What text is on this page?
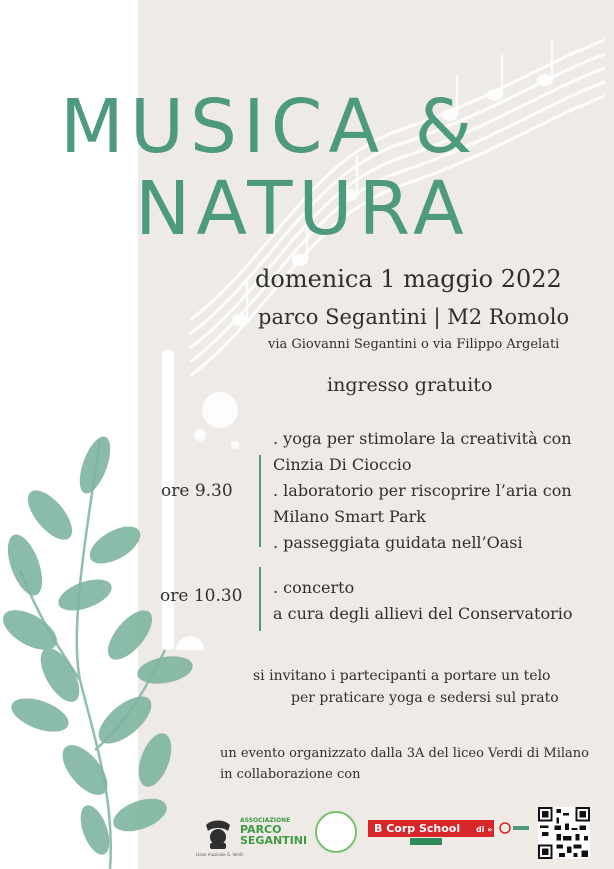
MUSICA &
NATURA
domenica 1 maggio 2022
parco Segantini | M2 Romolo
via Giovanni Segantini o via Filippo Argelati
ingresso gratuito
ore 9.30
. yoga per stimolare la creatività con
Cinzia Di Cioccio
. laboratorio per riscoprire l’aria con
Milano Smart Park
. passeggiata guidata nell’Oasi
ore 10.30 . concerto
a cura degli allievi del Conservatorio
si invitano i partecipanti a portare un telo
per praticare yoga e sedersi sul prato
un evento organizzato dalla 3A del liceo Verdi di Milano
in collaborazione con
Liceo musicale G. Verdi
ASSOCIAZIONE
PARCO
SEGANTINI
B Corp School di »
